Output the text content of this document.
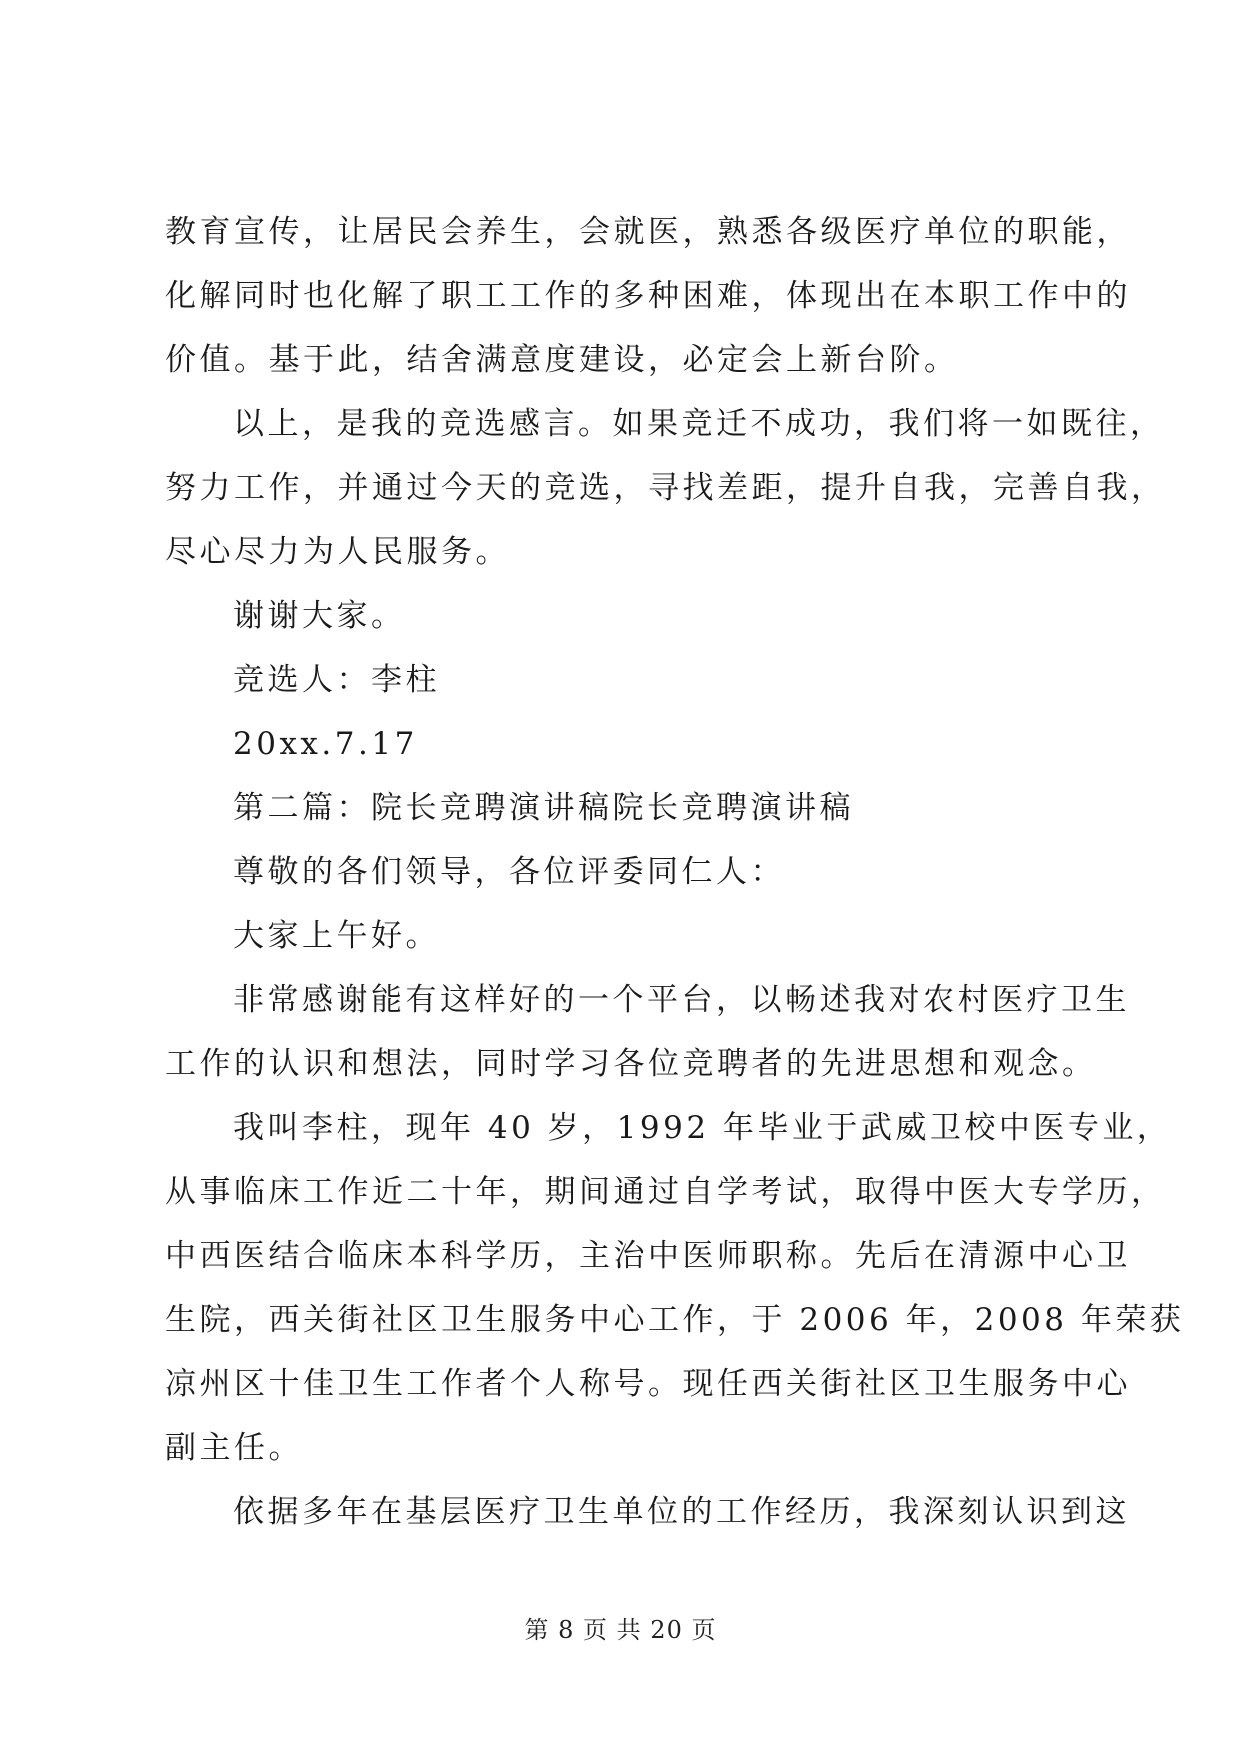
教育宣传，让居民会养生，会就医，熟悉各级医疗单位的职能，
化解同时也化解了职工工作的多种困难，体现出在本职工作中的
价值。基于此，结舍满意度建设，必定会上新台阶。
以上，是我的竞选感言。如果竞迁不成功，我们将一如既往，
努力工作，并通过今天的竞选，寻找差距，提升自我，完善自我，
尽心尽力为人民服务。
谢谢大家。
竞选人：李柱
20xx.7.17
第二篇：院长竞聘演讲稿院长竞聘演讲稿
尊敬的各们领导，各位评委同仁人：
大家上午好。
非常感谢能有这样好的一个平台，以畅述我对农村医疗卫生
工作的认识和想法，同时学习各位竞聘者的先进思想和观念。
我叫李柱，现年 40 岁，1992 年毕业于武威卫校中医专业，
从事临床工作近二十年，期间通过自学考试，取得中医大专学历，
中西医结合临床本科学历，主治中医师职称。先后在清源中心卫
生院，西关街社区卫生服务中心工作，于 2006 年，2008 年荣获
凉州区十佳卫生工作者个人称号。现任西关街社区卫生服务中心
副主任。
依据多年在基层医疗卫生单位的工作经历，我深刻认识到这
第 8 页 共 20 页
